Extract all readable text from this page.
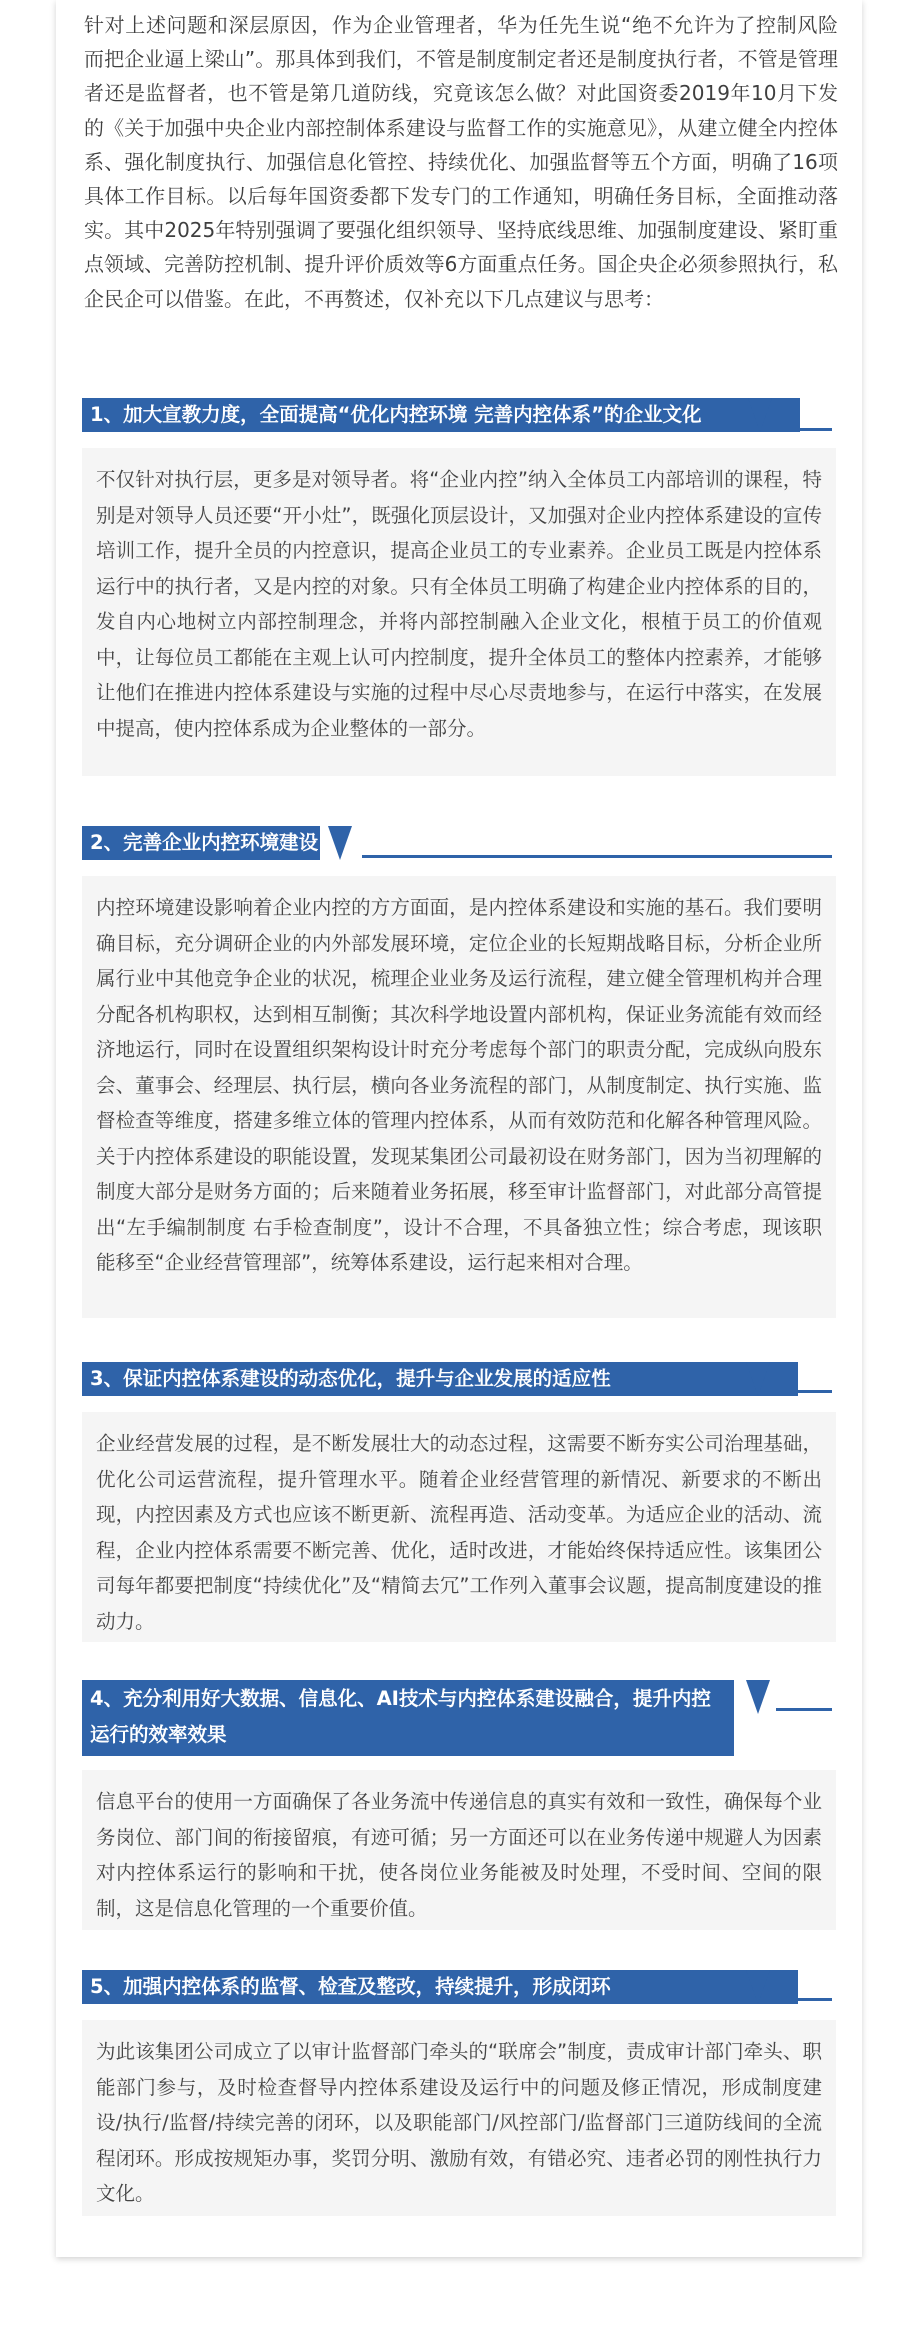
针对上述问题和深层原因，作为企业管理者，华为任先生说“绝不允许为了控制风险 而把企业逼上梁山”。那具体到我们，不管是制度制定者还是制度执行者，不管是管理者还是监督者，也不管是第几道防线，究竟该怎么做？对此国资委2019年10月下发的《关于加强中央企业内部控制体系建设与监督工作的实施意见》，从建立健全内控体系、强化制度执行、加强信息化管控、持续优化、加强监督等五个方面，明确了16项具体工作目标。以后每年国资委都下发专门的工作通知，明确任务目标，全面推动落实。其中2025年特别强调了要强化组织领导、坚持底线思维、加强制度建设、紧盯重点领域、完善防控机制、提升评价质效等6方面重点任务。国企央企必须参照执行，私企民企可以借鉴。在此，不再赘述，仅补充以下几点建议与思考：

1、加大宣教力度，全面提高“优化内控环境 完善内控体系”的企业文化

不仅针对执行层，更多是对领导者。将“企业内控”纳入全体员工内部培训的课程，特别是对领导人员还要“开小灶”，既强化顶层设计，又加强对企业内控体系建设的宣传培训工作，提升全员的内控意识，提高企业员工的专业素养。企业员工既是内控体系运行中的执行者，又是内控的对象。只有全体员工明确了构建企业内控体系的目的，发自内心地树立内部控制理念，并将内部控制融入企业文化，根植于员工的价值观中，让每位员工都能在主观上认可内控制度，提升全体员工的整体内控素养，才能够让他们在推进内控体系建设与实施的过程中尽心尽责地参与，在运行中落实，在发展中提高，使内控体系成为企业整体的一部分。

2、完善企业内控环境建设

内控环境建设影响着企业内控的方方面面，是内控体系建设和实施的基石。我们要明确目标，充分调研企业的内外部发展环境，定位企业的长短期战略目标，分析企业所属行业中其他竞争企业的状况，梳理企业业务及运行流程，建立健全管理机构并合理分配各机构职权，达到相互制衡；其次科学地设置内部机构，保证业务流能有效而经济地运行，同时在设置组织架构设计时充分考虑每个部门的职责分配，完成纵向股东会、董事会、经理层、执行层，横向各业务流程的部门，从制度制定、执行实施、监督检查等维度，搭建多维立体的管理内控体系，从而有效防范和化解各种管理风险。关于内控体系建设的职能设置，发现某集团公司最初设在财务部门，因为当初理解的制度大部分是财务方面的；后来随着业务拓展，移至审计监督部门，对此部分高管提出“左手编制制度 右手检查制度”，设计不合理，不具备独立性；综合考虑，现该职能移至“企业经营管理部”，统筹体系建设，运行起来相对合理。

3、保证内控体系建设的动态优化，提升与企业发展的适应性

企业经营发展的过程，是不断发展壮大的动态过程，这需要不断夯实公司治理基础，优化公司运营流程，提升管理水平。随着企业经营管理的新情况、新要求的不断出现，内控因素及方式也应该不断更新、流程再造、活动变革。为适应企业的活动、流程，企业内控体系需要不断完善、优化，适时改进，才能始终保持适应性。该集团公司每年都要把制度“持续优化”及“精简去冗”工作列入董事会议题，提高制度建设的推动力。

4、充分利用好大数据、信息化、AI技术与内控体系建设融合，提升内控运行的效率效果

信息平台的使用一方面确保了各业务流中传递信息的真实有效和一致性，确保每个业务岗位、部门间的衔接留痕，有迹可循；另一方面还可以在业务传递中规避人为因素对内控体系运行的影响和干扰，使各岗位业务能被及时处理，不受时间、空间的限制，这是信息化管理的一个重要价值。

5、加强内控体系的监督、检查及整改，持续提升，形成闭环

为此该集团公司成立了以审计监督部门牵头的“联席会”制度，责成审计部门牵头、职能部门参与，及时检查督导内控体系建设及运行中的问题及修正情况，形成制度建设/执行/监督/持续完善的闭环，以及职能部门/风控部门/监督部门三道防线间的全流程闭环。形成按规矩办事，奖罚分明、激励有效，有错必究、违者必罚的刚性执行力文化。
